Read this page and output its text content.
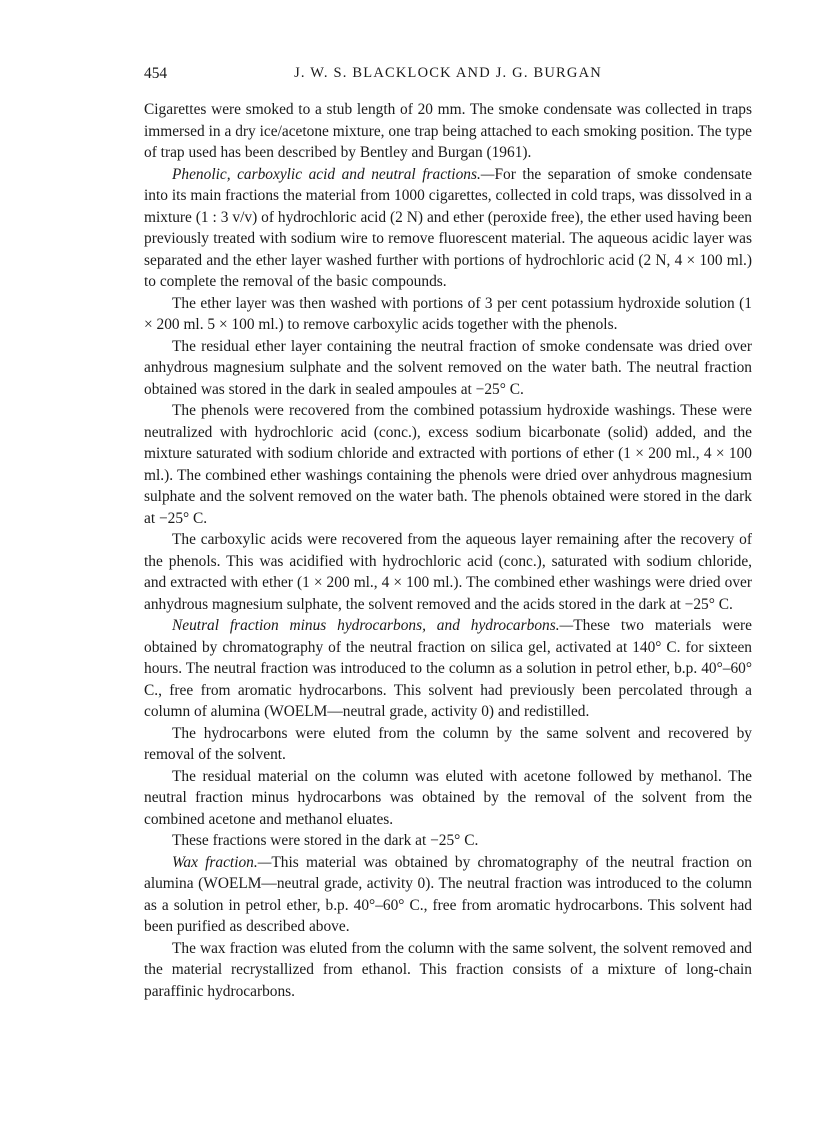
454	J. W. S. BLACKLOCK AND J. G. BURGAN

Cigarettes were smoked to a stub length of 20 mm. The smoke condensate was collected in traps immersed in a dry ice/acetone mixture, one trap being attached to each smoking position. The type of trap used has been described by Bentley and Burgan (1961).

Phenolic, carboxylic acid and neutral fractions.—For the separation of smoke condensate into its main fractions the material from 1000 cigarettes, collected in cold traps, was dissolved in a mixture (1 : 3 v/v) of hydrochloric acid (2 N) and ether (peroxide free), the ether used having been previously treated with sodium wire to remove fluorescent material. The aqueous acidic layer was separated and the ether layer washed further with portions of hydrochloric acid (2 N, 4 × 100 ml.) to complete the removal of the basic compounds.

The ether layer was then washed with portions of 3 per cent potassium hydroxide solution (1 × 200 ml. 5 × 100 ml.) to remove carboxylic acids together with the phenols.

The residual ether layer containing the neutral fraction of smoke condensate was dried over anhydrous magnesium sulphate and the solvent removed on the water bath. The neutral fraction obtained was stored in the dark in sealed ampoules at −25° C.

The phenols were recovered from the combined potassium hydroxide washings. These were neutralized with hydrochloric acid (conc.), excess sodium bicarbonate (solid) added, and the mixture saturated with sodium chloride and extracted with portions of ether (1 × 200 ml., 4 × 100 ml.). The combined ether washings containing the phenols were dried over anhydrous magnesium sulphate and the solvent removed on the water bath. The phenols obtained were stored in the dark at −25° C.

The carboxylic acids were recovered from the aqueous layer remaining after the recovery of the phenols. This was acidified with hydrochloric acid (conc.), saturated with sodium chloride, and extracted with ether (1 × 200 ml., 4 × 100 ml.). The combined ether washings were dried over anhydrous magnesium sulphate, the solvent removed and the acids stored in the dark at −25° C.

Neutral fraction minus hydrocarbons, and hydrocarbons.—These two materials were obtained by chromatography of the neutral fraction on silica gel, activated at 140° C. for sixteen hours. The neutral fraction was introduced to the column as a solution in petrol ether, b.p. 40°–60° C., free from aromatic hydrocarbons. This solvent had previously been percolated through a column of alumina (WOELM—neutral grade, activity 0) and redistilled.

The hydrocarbons were eluted from the column by the same solvent and recovered by removal of the solvent.

The residual material on the column was eluted with acetone followed by methanol. The neutral fraction minus hydrocarbons was obtained by the removal of the solvent from the combined acetone and methanol eluates.

These fractions were stored in the dark at −25° C.

Wax fraction.—This material was obtained by chromatography of the neutral fraction on alumina (WOELM—neutral grade, activity 0). The neutral fraction was introduced to the column as a solution in petrol ether, b.p. 40°–60° C., free from aromatic hydrocarbons. This solvent had been purified as described above.

The wax fraction was eluted from the column with the same solvent, the solvent removed and the material recrystallized from ethanol. This fraction consists of a mixture of long-chain paraffinic hydrocarbons.
